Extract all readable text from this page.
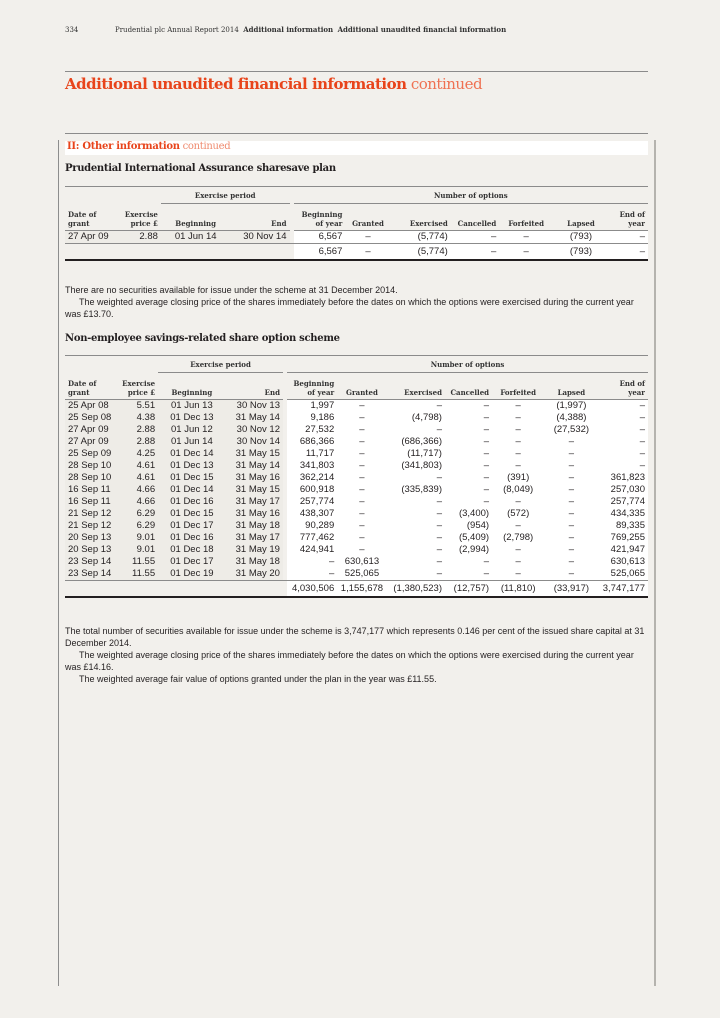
334	Prudential plc Annual Report 2014 Additional information Additional unaudited financial information
Additional unaudited financial information continued
II: Other information continued
Prudential International Assurance sharesave plan
		Exercise period			Number of options						
Date of grant	Exercise
price £	Beginning	End		Beginning
of year	Granted	Exercised	Cancelled	Forfeited	Lapsed	End of
year
27 Apr 09	2.88	01 Jun 14	30 Nov 14		6,567	–	(5,774)	–	–	(793)	–
					6,567	–	(5,774)	–	–	(793)	–

There are no securities available for issue under the scheme at 31 December 2014.

The weighted average closing price of the shares immediately before the dates on which the options were exercised during the current year was £13.70.

Non-employee savings-related share option scheme
		Exercise period			Number of options						
Date of grant	Exercise
price £	Beginning	End		Beginning
of year	Granted	Exercised	Cancelled	Forfeited	Lapsed	End of
year
25 Apr 08	5.51	01 Jun 13	30 Nov 13		1,997	–	–	–	–	(1,997)	–
25 Sep 08	4.38	01 Dec 13	31 May 14		9,186	–	(4,798)	–	–	(4,388)	–
27 Apr 09	2.88	01 Jun 12	30 Nov 12		27,532	–	–	–	–	(27,532)	–
27 Apr 09	2.88	01 Jun 14	30 Nov 14		686,366	–	(686,366)	–	–	–	–
25 Sep 09	4.25	01 Dec 14	31 May 15		11,717	–	(11,717)	–	–	–	–
28 Sep 10	4.61	01 Dec 13	31 May 14		341,803	–	(341,803)	–	–	–	–
28 Sep 10	4.61	01 Dec 15	31 May 16		362,214	–	–	–	(391)	–	361,823
16 Sep 11	4.66	01 Dec 14	31 May 15		600,918	–	(335,839)	–	(8,049)	–	257,030
16 Sep 11	4.66	01 Dec 16	31 May 17		257,774	–	–	–	–	–	257,774
21 Sep 12	6.29	01 Dec 15	31 May 16		438,307	–	–	(3,400)	(572)	–	434,335
21 Sep 12	6.29	01 Dec 17	31 May 18		90,289	–	–	(954)	–	–	89,335
20 Sep 13	9.01	01 Dec 16	31 May 17		777,462	–	–	(5,409)	(2,798)	–	769,255
20 Sep 13	9.01	01 Dec 18	31 May 19		424,941	–	–	(2,994)	–	–	421,947
23 Sep 14	11.55	01 Dec 17	31 May 18		–	630,613	–	–	–	–	630,613
23 Sep 14	11.55	01 Dec 19	31 May 20		–	525,065	–	–	–	–	525,065
					4,030,506	1,155,678	(1,380,523)	(12,757)	(11,810)	(33,917)	3,747,177

The total number of securities available for issue under the scheme is 3,747,177 which represents 0.146 per cent of the issued share capital at 31 December 2014.

The weighted average closing price of the shares immediately before the dates on which the options were exercised during the current year was £14.16.

The weighted average fair value of options granted under the plan in the year was £11.55.
